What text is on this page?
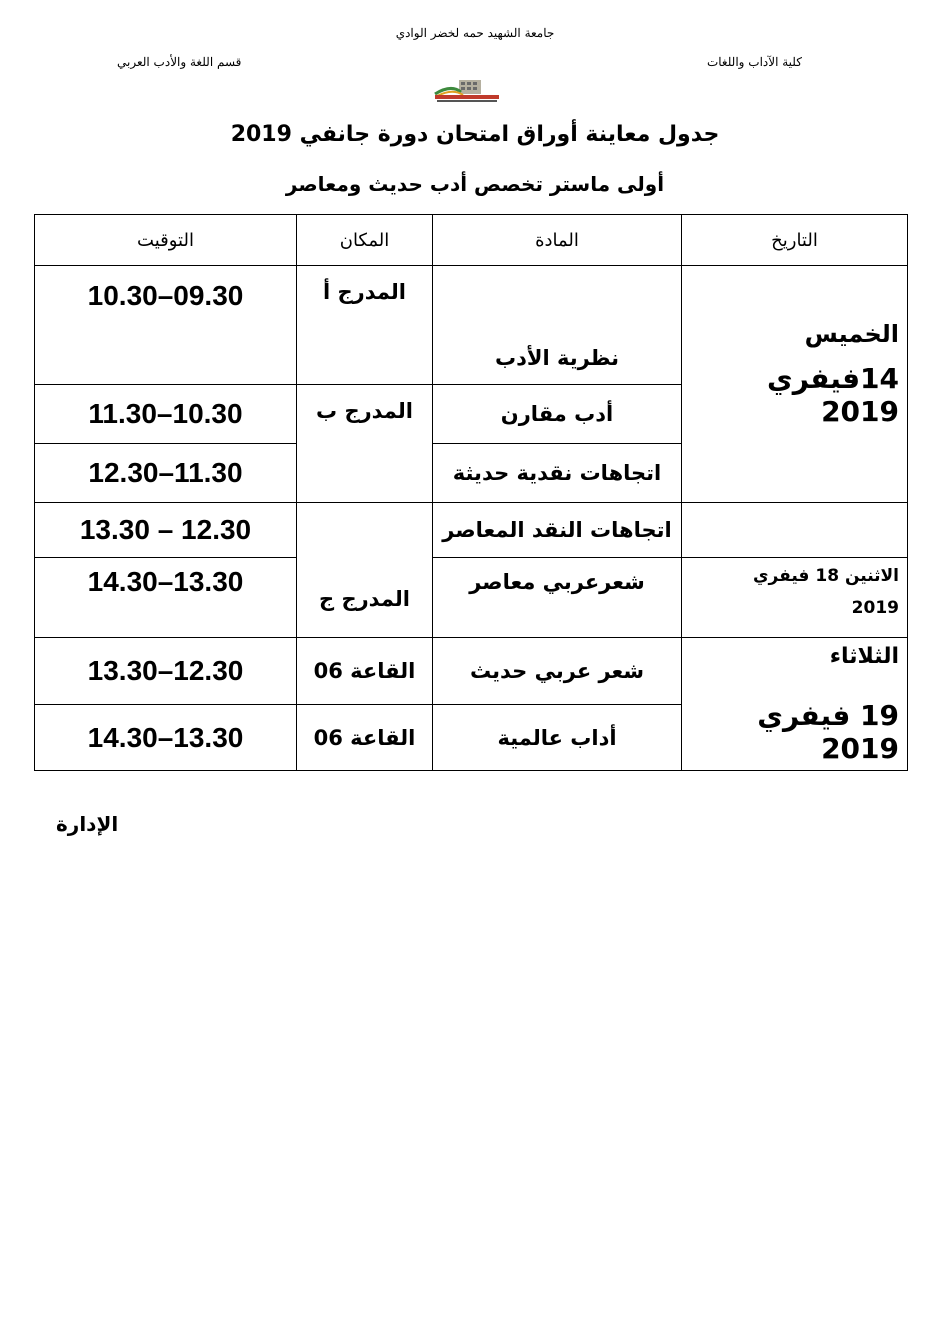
جامعة الشهيد حمه لخضر الوادي
كلية الآداب واللغات
قسم اللغة والأدب العربي
جدول معاينة أوراق امتحان دورة جانفي 2019
أولى ماستر تخصص أدب حديث ومعاصر
التاريخ	المادة	المكان	التوقيت

الخميس
14فيفري 2019	نظرية الأدب	المدرج أ	10.30–09.30
	أدب مقارن	المدرج ب	11.30–10.30
	اتجاهات نقدية حديثة		12.30–11.30
	اتجاهات النقد المعاصر	المدرج ج	13.30 – 12.30

الاثنين 18 فيفري
2019	شعرعربي معاصر		14.30–13.30

الثلاثاء
19 فيفري 2019	شعر عربي حديث	القاعة 06	13.30–12.30
	أداب عالمية	القاعة 06	14.30–13.30
الإدارة
